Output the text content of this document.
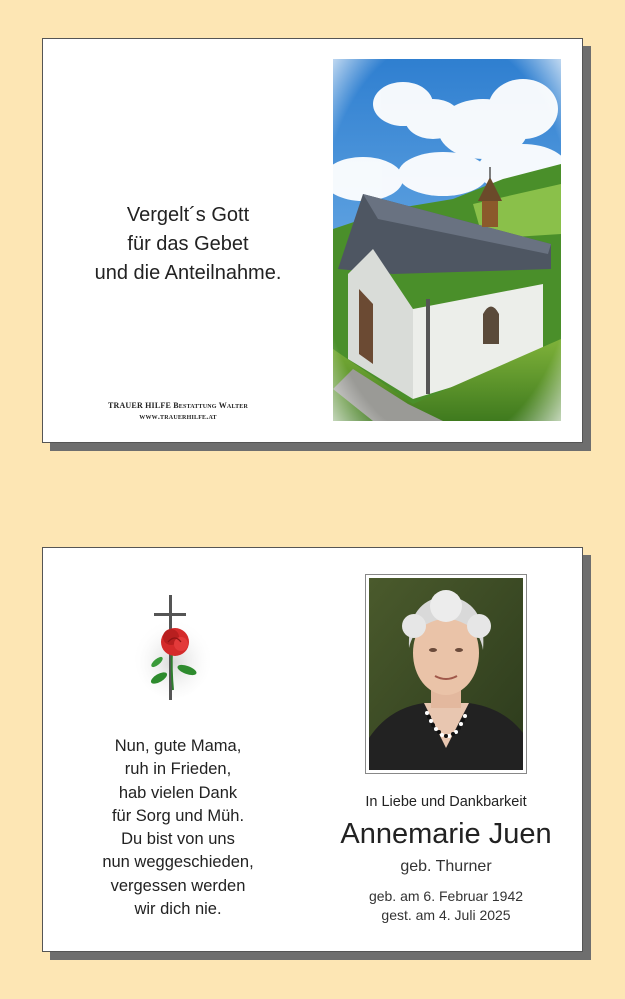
Vergelt´s Gott
für das Gebet
und die Anteilnahme.
TRAUER HILFE Bestattung Walter
www.trauerhilfe.at
Nun, gute Mama,
ruh in Frieden,
hab vielen Dank
für Sorg und Müh.
Du bist von uns
nun weggeschieden,
vergessen werden
wir dich nie.
In Liebe und Dankbarkeit
Annemarie Juen
geb. Thurner
geb. am 6. Februar 1942
gest. am 4. Juli 2025
